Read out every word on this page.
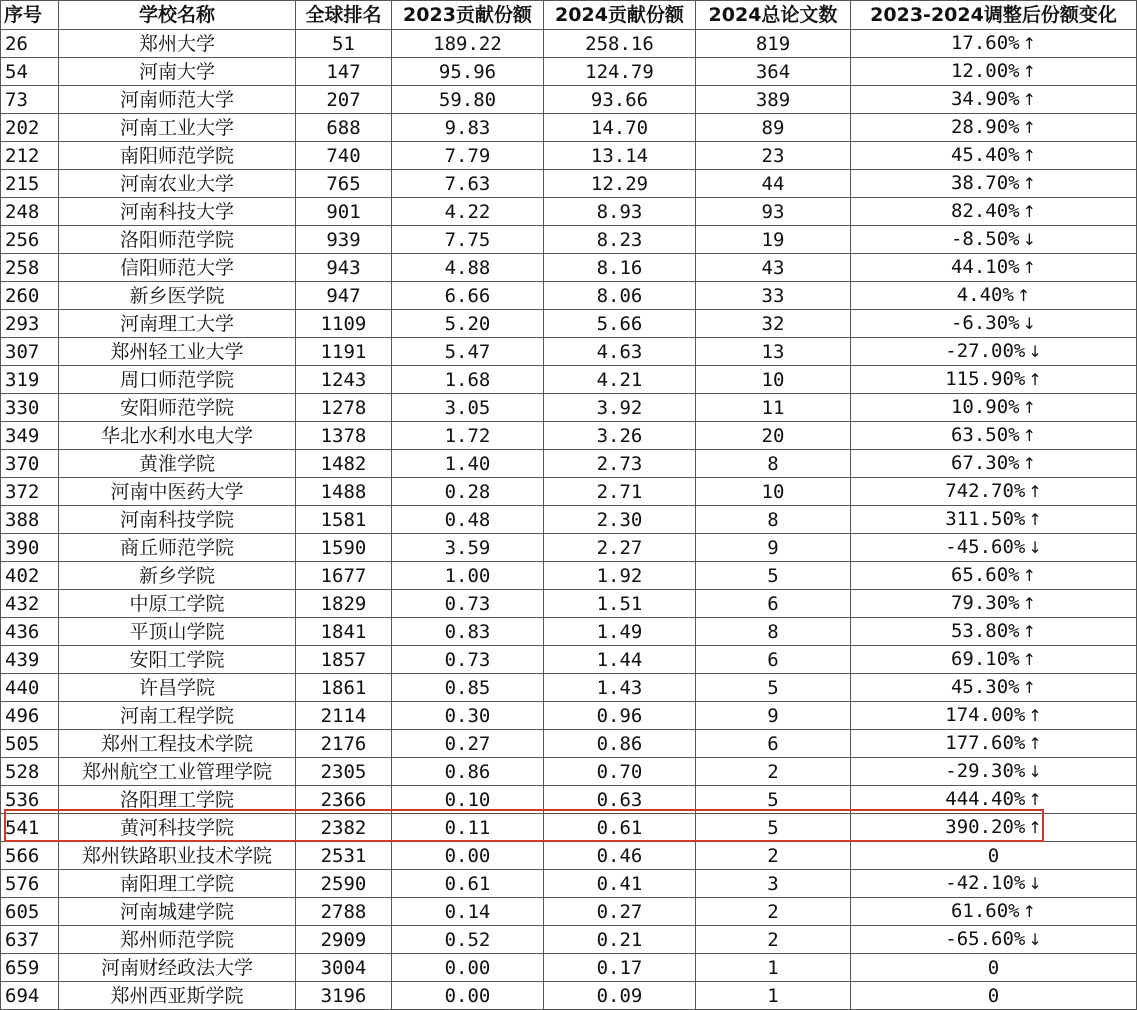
序号	学校名称	全球排名	2023贡献份额	2024贡献份额	2024总论文数	2023-2024调整后份额变化
26	郑州大学	51	189.22	258.16	819	17.60% ↑
54	河南大学	147	95.96	124.79	364	12.00% ↑
73	河南师范大学	207	59.80	93.66	389	34.90% ↑
202	河南工业大学	688	9.83	14.70	89	28.90% ↑
212	南阳师范学院	740	7.79	13.14	23	45.40% ↑
215	河南农业大学	765	7.63	12.29	44	38.70% ↑
248	河南科技大学	901	4.22	8.93	93	82.40% ↑
256	洛阳师范学院	939	7.75	8.23	19	-8.50% ↓
258	信阳师范大学	943	4.88	8.16	43	44.10% ↑
260	新乡医学院	947	6.66	8.06	33	4.40% ↑
293	河南理工大学	1109	5.20	5.66	32	-6.30% ↓
307	郑州轻工业大学	1191	5.47	4.63	13	-27.00% ↓
319	周口师范学院	1243	1.68	4.21	10	115.90% ↑
330	安阳师范学院	1278	3.05	3.92	11	10.90% ↑
349	华北水利水电大学	1378	1.72	3.26	20	63.50% ↑
370	黄淮学院	1482	1.40	2.73	8	67.30% ↑
372	河南中医药大学	1488	0.28	2.71	10	742.70% ↑
388	河南科技学院	1581	0.48	2.30	8	311.50% ↑
390	商丘师范学院	1590	3.59	2.27	9	-45.60% ↓
402	新乡学院	1677	1.00	1.92	5	65.60% ↑
432	中原工学院	1829	0.73	1.51	6	79.30% ↑
436	平顶山学院	1841	0.83	1.49	8	53.80% ↑
439	安阳工学院	1857	0.73	1.44	6	69.10% ↑
440	许昌学院	1861	0.85	1.43	5	45.30% ↑
496	河南工程学院	2114	0.30	0.96	9	174.00% ↑
505	郑州工程技术学院	2176	0.27	0.86	6	177.60% ↑
528	郑州航空工业管理学院	2305	0.86	0.70	2	-29.30% ↓
536	洛阳理工学院	2366	0.10	0.63	5	444.40% ↑
541	黄河科技学院	2382	0.11	0.61	5	390.20% ↑
566	郑州铁路职业技术学院	2531	0.00	0.46	2	0
576	南阳理工学院	2590	0.61	0.41	3	-42.10% ↓
605	河南城建学院	2788	0.14	0.27	2	61.60% ↑
637	郑州师范学院	2909	0.52	0.21	2	-65.60% ↓
659	河南财经政法大学	3004	0.00	0.17	1	0
694	郑州西亚斯学院	3196	0.00	0.09	1	0
